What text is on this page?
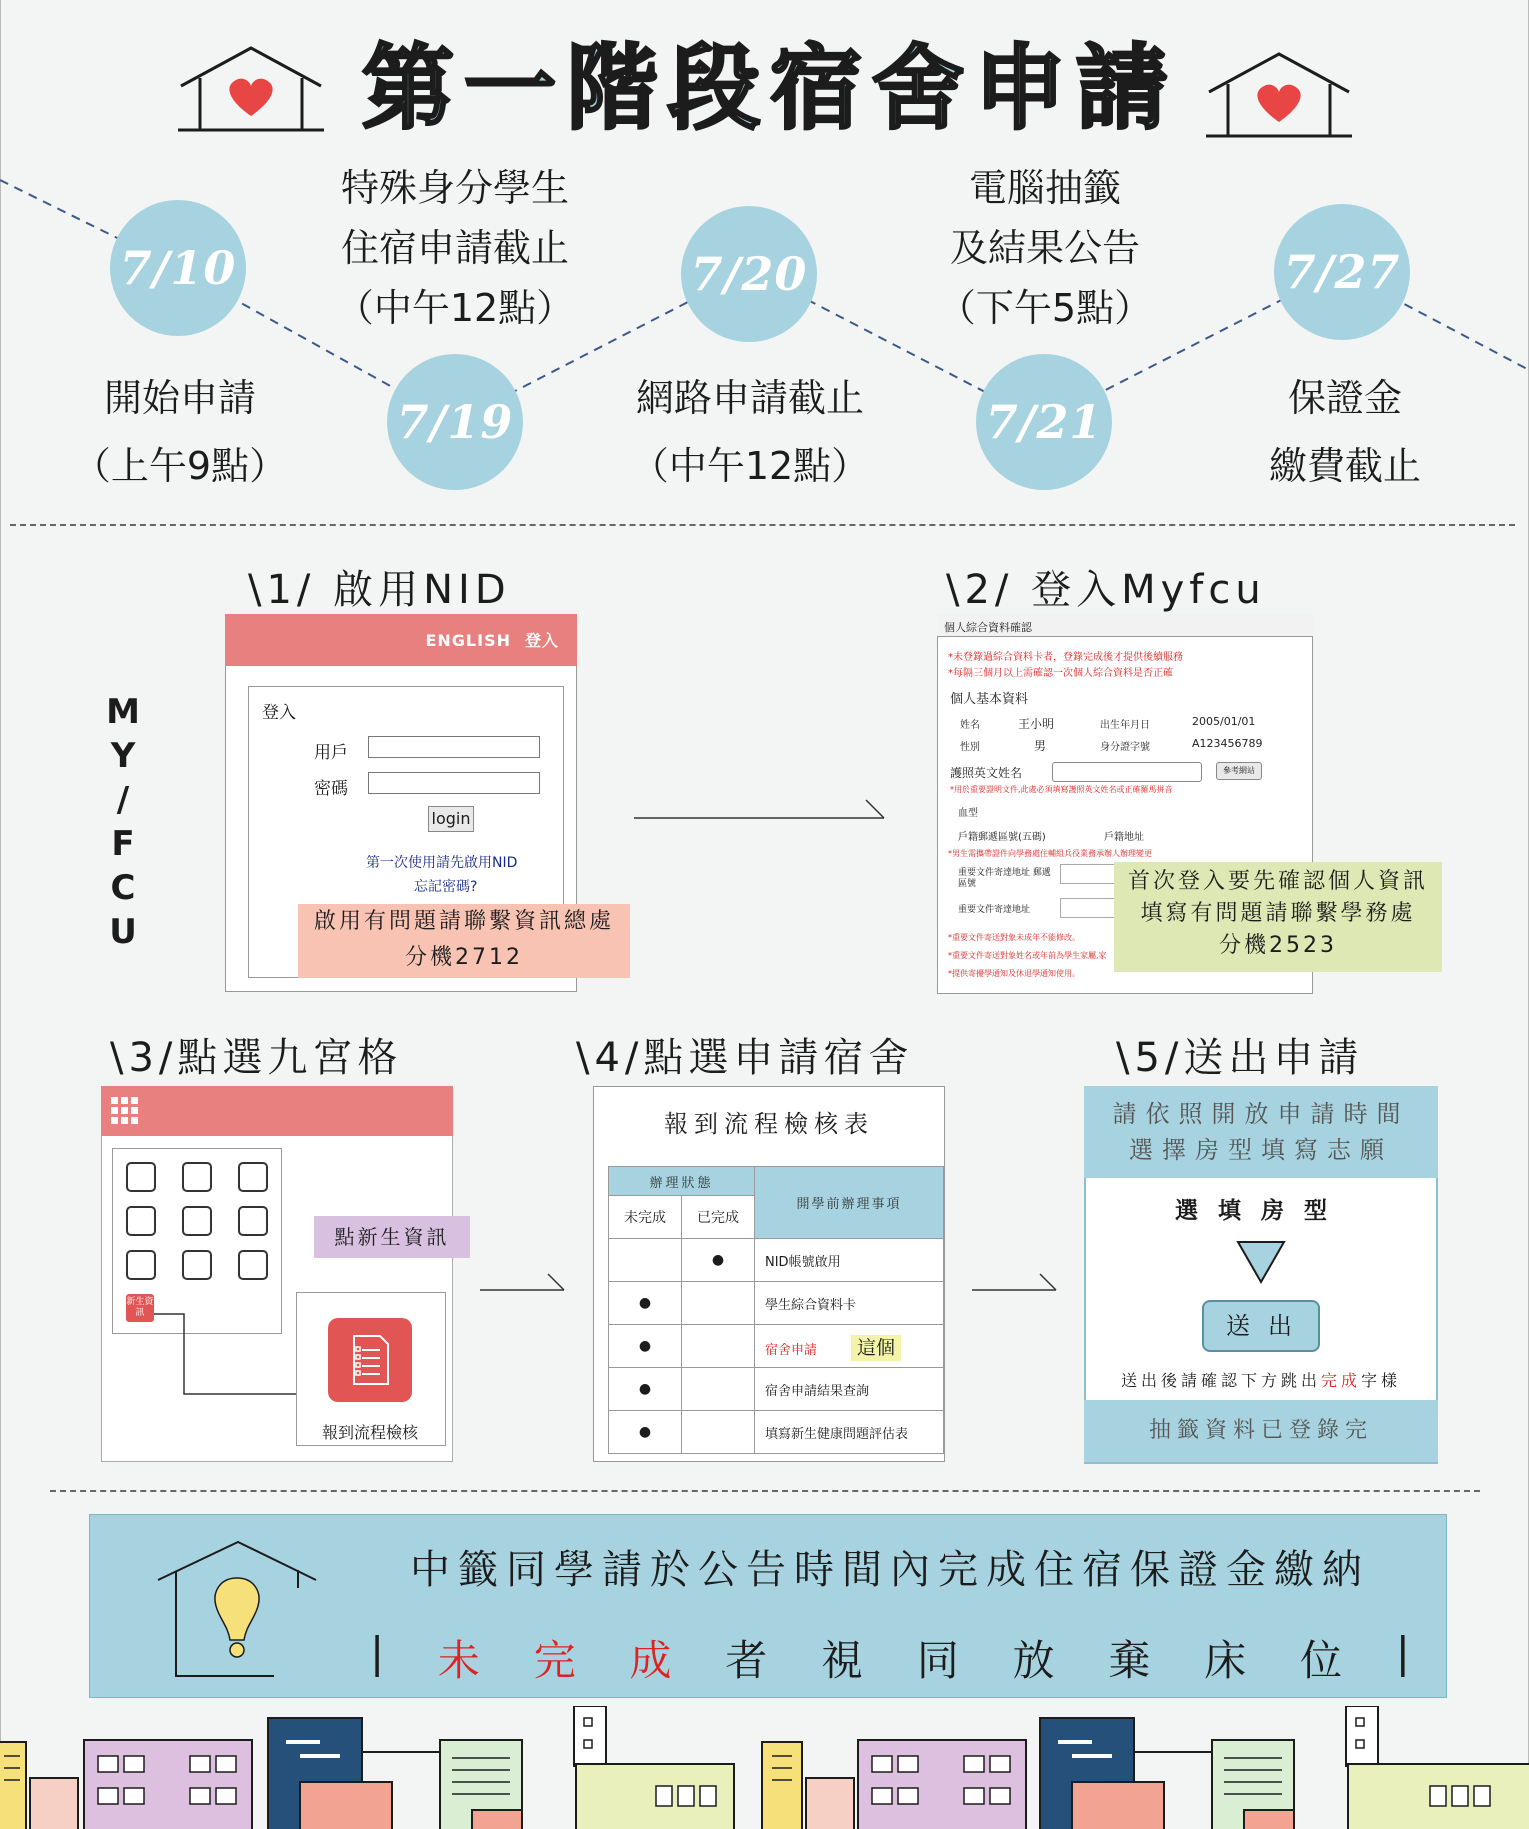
第一階段宿舍申請
7/10
7/19
7/20
7/21
7/27
開始申請
（上午9點）
特殊身分學生
住宿申請截止
（中午12點）
網路申請截止
（中午12點）
電腦抽籤
及結果公告
（下午5點）
保證金
繳費截止
\1/ 啟用NID
M
Y
/
F
C
U
ENGLISH 登入
登入
用戶
密碼
login
第一次使用請先啟用NID
忘記密碼?
啟用有問題請聯繫資訊總處
分機2712
\2/ 登入Myfcu
個人綜合資料確認
*未登錄過綜合資料卡者，登錄完成後才提供後續服務
*每隔三個月以上需確認一次個人綜合資料是否正確
個人基本資料
姓名	王小明	出生年月日	2005/01/01
性別	男	身分證字號	A123456789
護照英文姓名	參考網站
*用於重要證明文件,此處必須填寫護照英文姓名或正確羅馬拼音
血型
戶籍郵遞區號(五碼)	戶籍地址
*男生需攜帶證件向學務處住輔組兵役業務承辦人辦理變更
重要文件寄達地址 郵遞區號
重要文件寄達地址
*重要文件寄送對象未成年不能修改。
*重要文件寄送對象姓名或年前為學生家屬,家
*提供寄擾學通知及休退學通知使用。
首次登入要先確認個人資訊
填寫有問題請聯繫學務處
分機2523
\3/點選九宮格
新生資訊
點新生資訊
報到流程檢核
\4/點選申請宿舍
報到流程檢核表
辦理狀態		開學前辦理事項
未完成	已完成	
	●	NID帳號啟用
●		學生綜合資料卡
●		宿舍申請 這個
●		宿舍申請結果查詢
●		填寫新生健康問題評估表
\5/送出申請
請依照開放申請時間
選擇房型填寫志願
選填房型
送出
送出後請確認下方跳出完成字樣
抽籤資料已登錄完
中籤同學請於公告時間內完成住宿保證金繳納
| 未 完 成 者 視 同 放 棄 床 位 |
